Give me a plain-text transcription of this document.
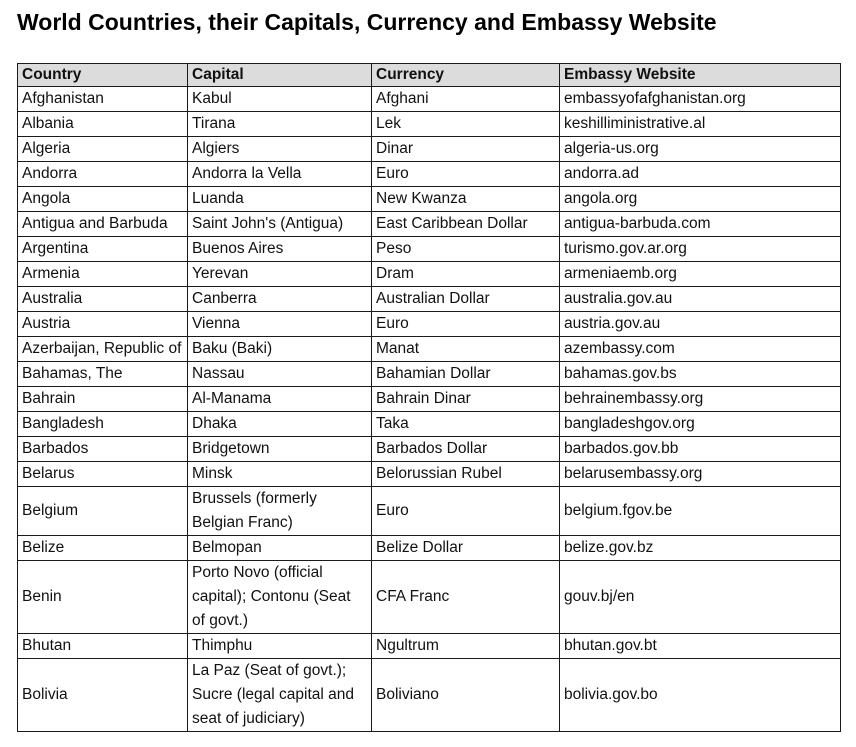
World Countries, their Capitals, Currency and Embassy Website
Country	Capital	Currency	Embassy Website
Afghanistan	Kabul	Afghani	embassyofafghanistan.org
Albania	Tirana	Lek	keshilliministrative.al
Algeria	Algiers	Dinar	algeria-us.org
Andorra	Andorra la Vella	Euro	andorra.ad
Angola	Luanda	New Kwanza	angola.org
Antigua and Barbuda	Saint John's (Antigua)	East Caribbean Dollar	antigua-barbuda.com
Argentina	Buenos Aires	Peso	turismo.gov.ar.org
Armenia	Yerevan	Dram	armeniaemb.org
Australia	Canberra	Australian Dollar	australia.gov.au
Austria	Vienna	Euro	austria.gov.au
Azerbaijan, Republic of	Baku (Baki)	Manat	azembassy.com
Bahamas, The	Nassau	Bahamian Dollar	bahamas.gov.bs
Bahrain	Al-Manama	Bahrain Dinar	behrainembassy.org
Bangladesh	Dhaka	Taka	bangladeshgov.org
Barbados	Bridgetown	Barbados Dollar	barbados.gov.bb
Belarus	Minsk	Belorussian Rubel	belarusembassy.org
Belgium	Brussels (formerly Belgian Franc)	Euro	belgium.fgov.be
Belize	Belmopan	Belize Dollar	belize.gov.bz
Benin	Porto Novo (official capital); Contonu (Seat of govt.)	CFA Franc	gouv.bj/en
Bhutan	Thimphu	Ngultrum	bhutan.gov.bt
Bolivia	La Paz (Seat of govt.); Sucre (legal capital and seat of judiciary)	Boliviano	bolivia.gov.bo
